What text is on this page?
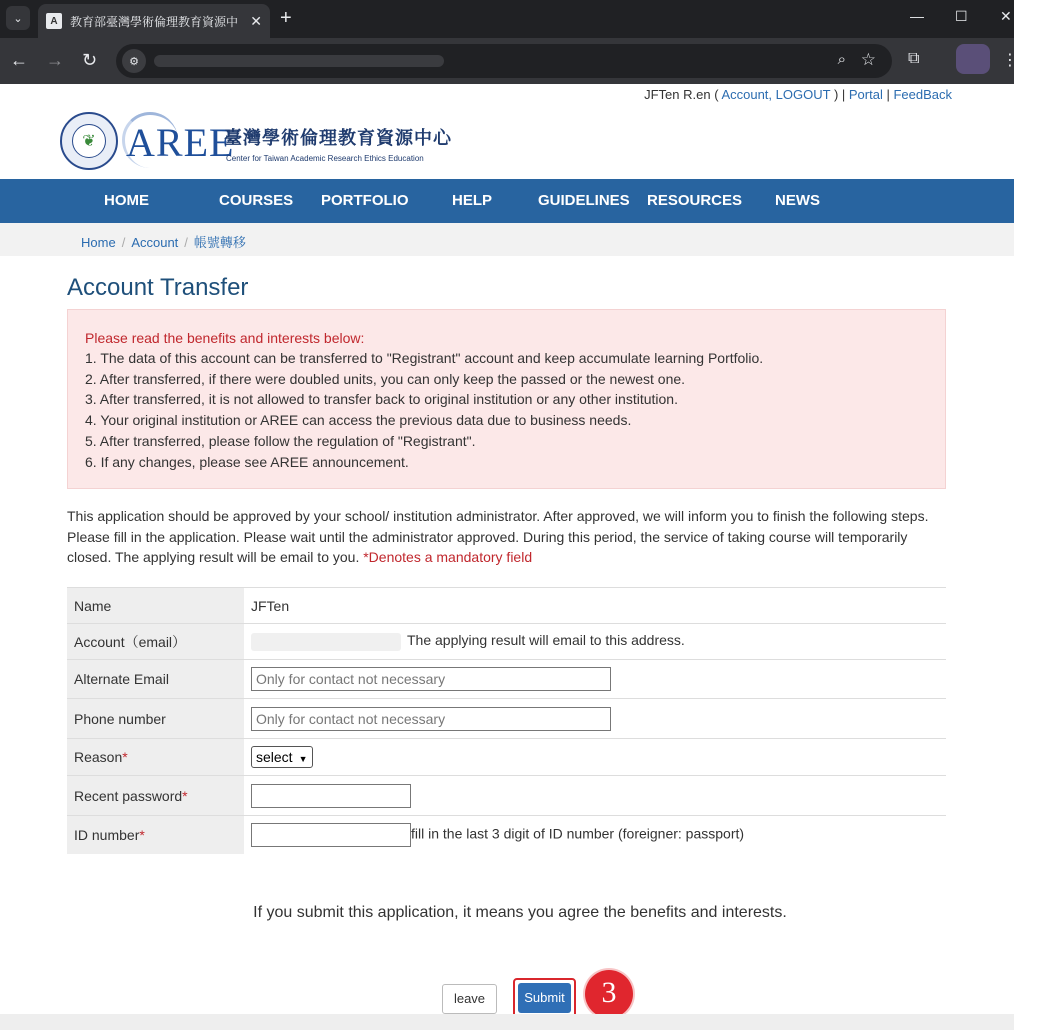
⌄	A	教育部臺灣學術倫理教育資源中 ✕ +	— ☐ ✕
← → ↻	⚙	⌕ ☆ ⧉	⋮
JFTen R.en ( Account, LOGOUT ) | Portal | FeedBack
❦ AREE
臺灣學術倫理教育資源中心
Center for Taiwan Academic Research Ethics Education
HOME	COURSES PORTFOLIO	HELP	GUIDELINES RESOURCES NEWS
Home / Account / 帳號轉移
Account Transfer
Please read the benefits and interests below:
1. The data of this account can be transferred to "Registrant" account and keep accumulate learning Portfolio.
2. After transferred, if there were doubled units, you can only keep the passed or the newest one.
3. After transferred, it is not allowed to transfer back to original institution or any other institution.
4. Your original institution or AREE can access the previous data due to business needs.
5. After transferred, please follow the regulation of "Registrant".
6. If any changes, please see AREE announcement.
This application should be approved by your school/ institution administrator. After approved, we will inform you to finish the following steps. Please fill in the application. Please wait until the administrator approved. During this period, the service of taking course will temporarily closed. The applying result will be email to you. *Denotes a mandatory field
Name	JFTen
Account（email）	The applying result will email to this address.
Alternate Email	Only for contact not necessary
Phone number	Only for contact not necessary
Reason*	select ▼
Recent password*	
ID number*	fill in the last 3 digit of ID number (foreigner: passport)
If you submit this application, it means you agree the benefits and interests.
leave	Submit	3
